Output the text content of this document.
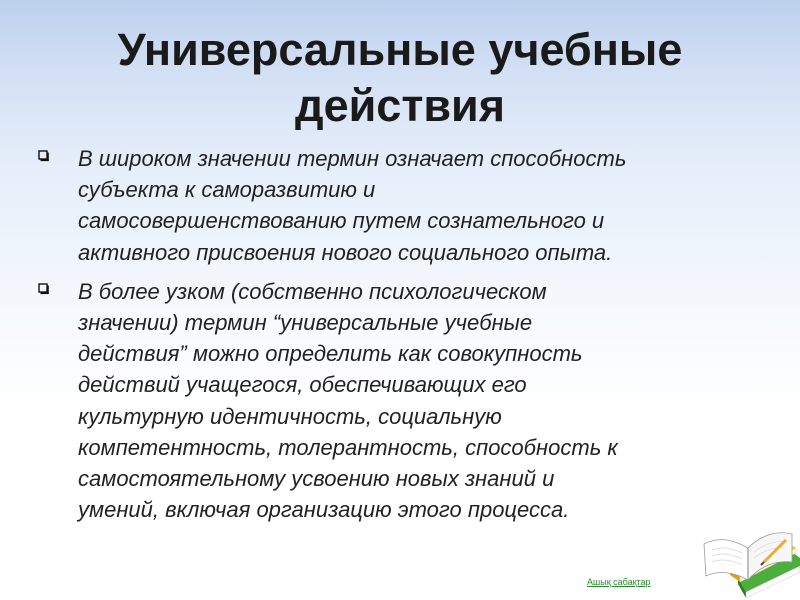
Универсальные учебные
действия
В широком значении термин означает способность
субъекта к саморазвитию и
самосовершенствованию путем сознательного и
активного присвоения нового социального опыта.
В более узком (собственно психологическом
значении) термин “универсальные учебные
действия” можно определить как совокупность
действий учащегося, обеспечивающих его
культурную идентичность, социальную
компетентность, толерантность, способность к
самостоятельному усвоению новых знаний и
умений, включая организацию этого процесса.
Ашық сабақтар
